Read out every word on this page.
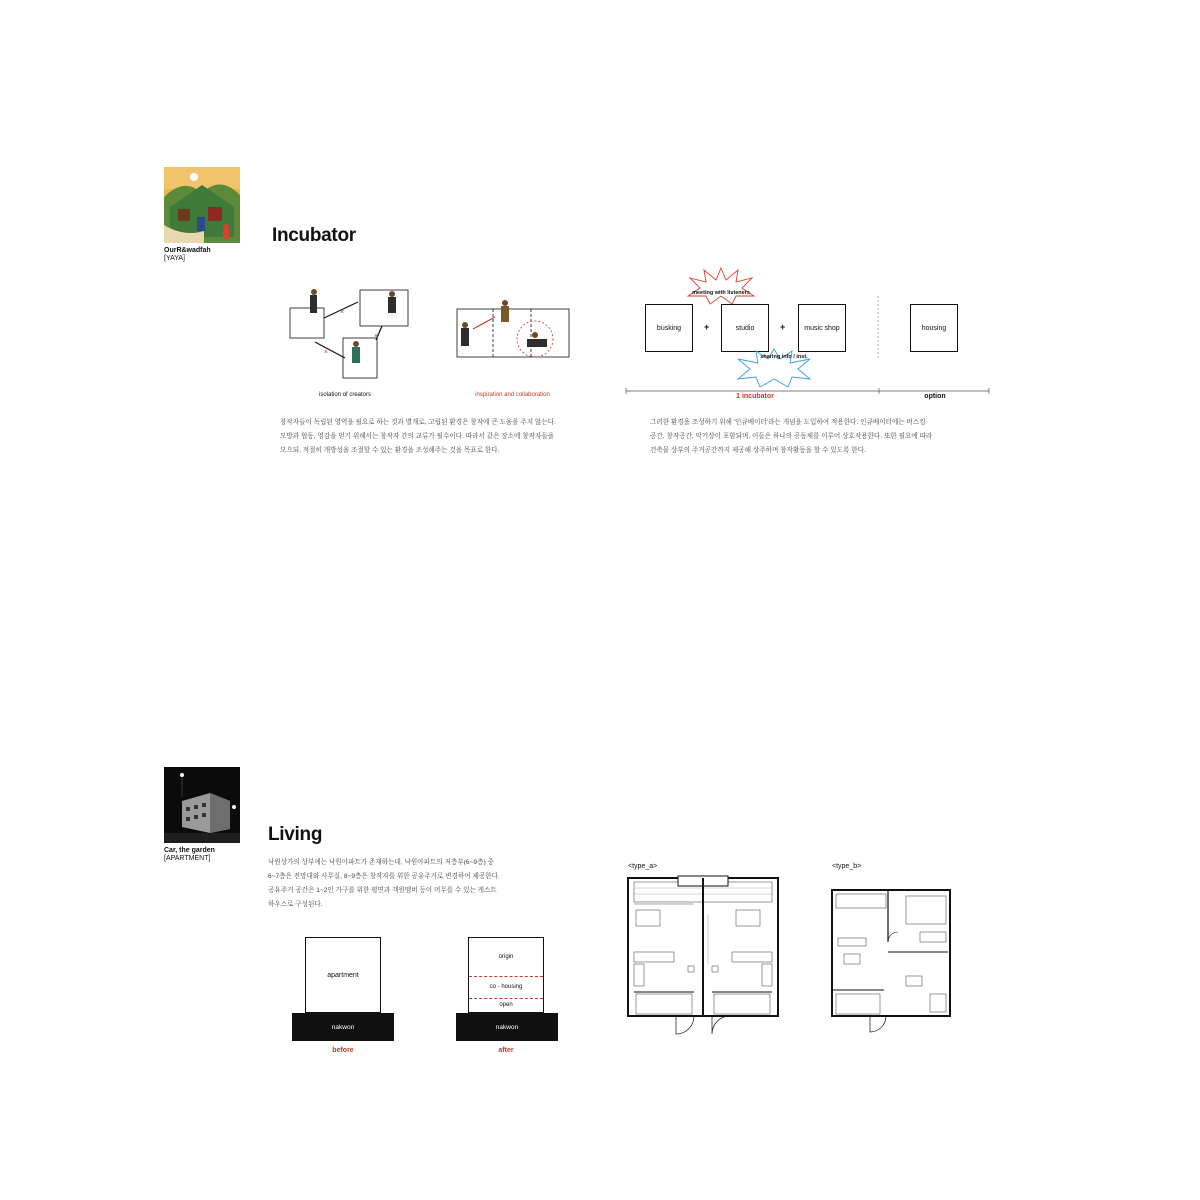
OurR&wadfah
[YAYA]
Incubator
×
×
×
isolation of creators	inspiration and collaboration
meeting with listeners
busking	+	studio	+	music shop
sharing info / inst.
housing
1 incubator	option
창작자들이 독립된 영역을 필요로 하는 것과 별개로, 고립된 환경은 창작에 큰 도움을 주지 않는다.
모방과 협동, 영감을 얻기 위해서는 창작자 간의 교류가 필수이다. 따라서 같은 장소에 창작자들을
모으되, 적절히 개방성을 조절할 수 있는 환경을 조성해주는 것을 목표로 한다.
그러한 환경을 조성하기 위해 '인큐베이터'라는 개념을 도입하여 적용한다. 인큐베이터에는 버스킹
공간, 창작공간, 악기상이 포함되며, 이들은 하나의 공동체를 이루어 상호작용한다. 또한 필요에 따라
건축물 상부의 주거공간까지 제공해 상주하며 창작활동을 할 수 있도록 한다.
Car, the garden
[APARTMENT]
Living
낙원상가의 상부에는 낙원아파트가 존재하는데, 낙원아파트의 저층부(6~9층) 중
6~7층은 전망대와 사무실, 8~9층은 창작자를 위한 공유주거로 변경하여 제공한다.
공유주거 공간은 1~2인 가구를 위한 평면과 객원멤버 등이 머무를 수 있는 게스트
하우스로 구성된다.
apartment
nakwon
before
origin
co - housing
open
nakwon
after
<type_a>	<type_b>
